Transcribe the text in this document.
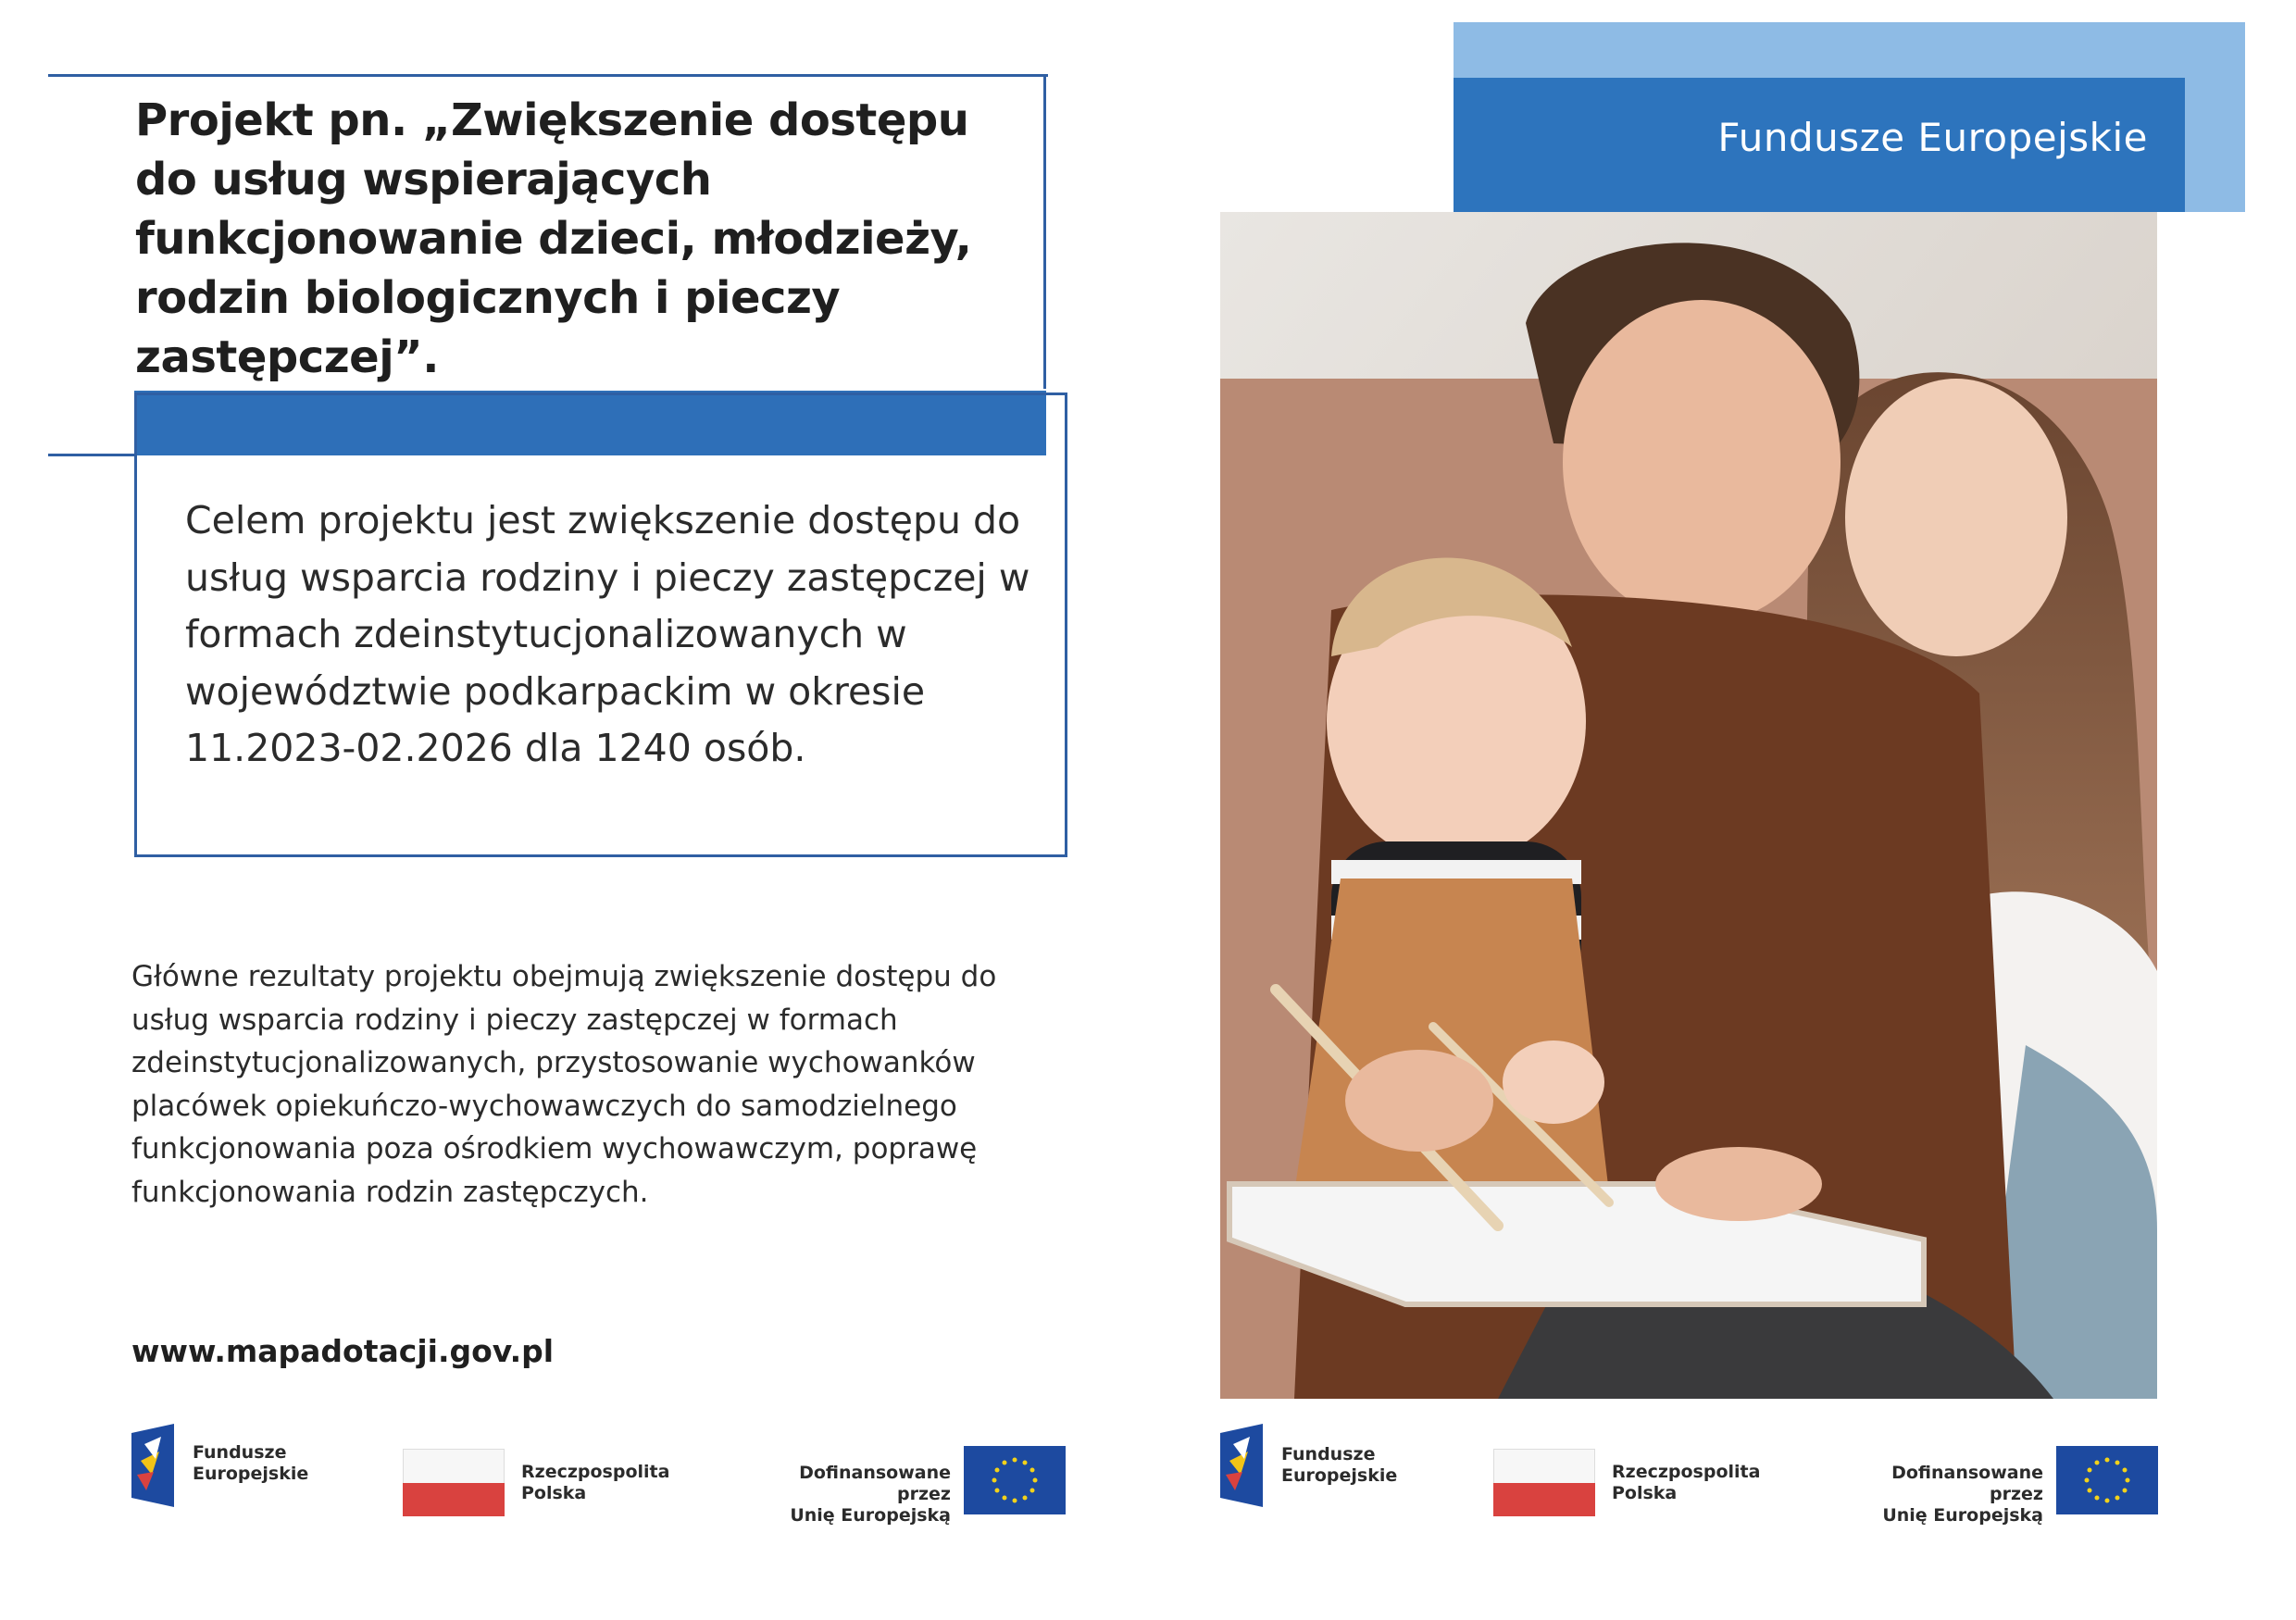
Projekt pn. „Zwiększenie dostępu do usług wspierających funkcjonowanie dzieci, młodzieży, rodzin biologicznych i pieczy zastępczej”.

Celem projektu jest zwiększenie dostępu do usług wsparcia rodziny i pieczy zastępczej w formach zdeinstytucjonalizowanych w województwie podkarpackim w okresie 11.2023-02.2026 dla 1240 osób.

Główne rezultaty projektu obejmują zwiększenie dostępu do usług wsparcia rodziny i pieczy zastępczej w formach zdeinstytucjonalizowanych, przystosowanie wychowanków placówek opiekuńczo-wychowawczych do samodzielnego funkcjonowania poza ośrodkiem wychowawczym, poprawę funkcjonowania rodzin zastępczych.

www.mapadotacji.gov.pl

Fundusze
Europejskie	Rzeczpospolita
Polska
Dofinansowane przez
Unię Europejską
Fundusze Europejskie
Fundusze
Europejskie	Rzeczpospolita
Polska
Dofinansowane przez
Unię Europejską
